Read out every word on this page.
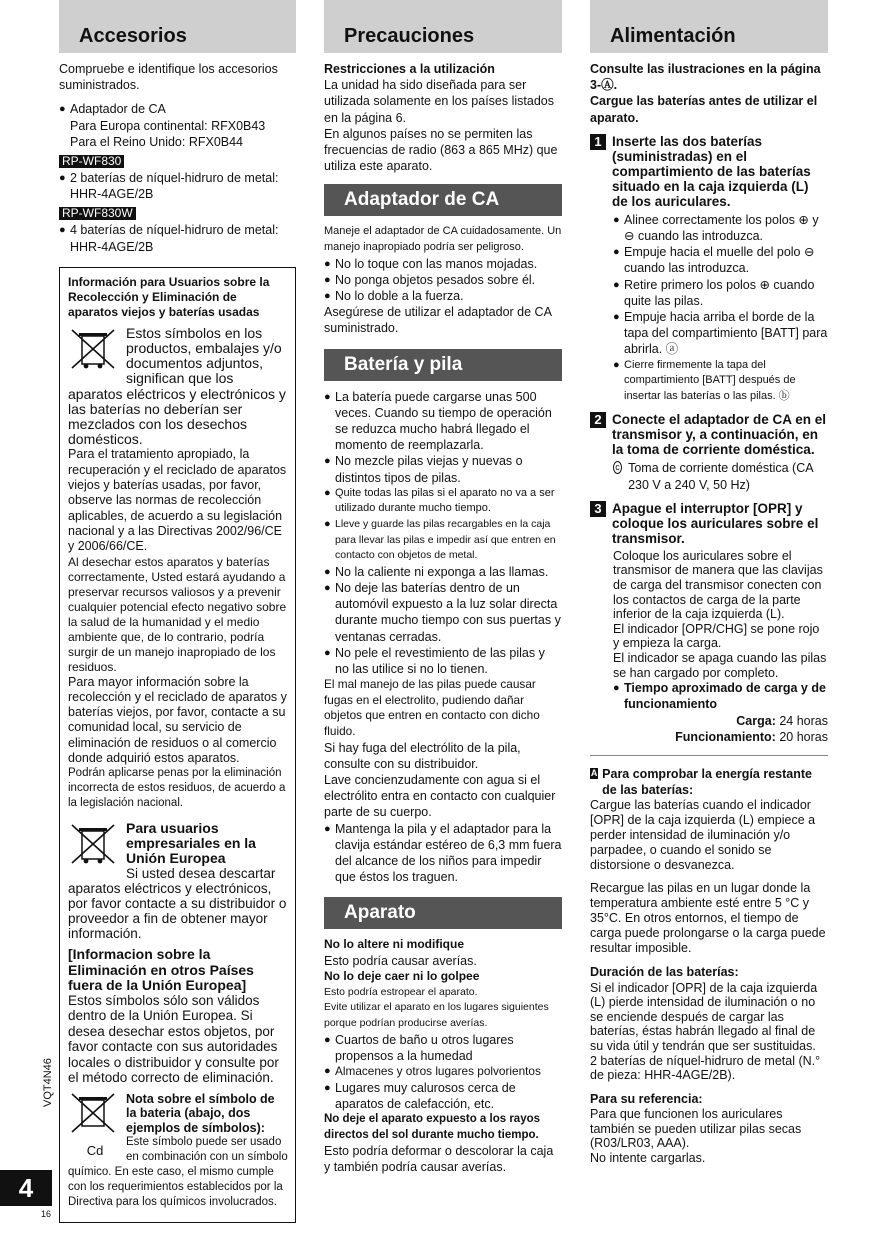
Accesorios
Compruebe e identifique los accesorios suministrados.
● Adaptador de CA
Para Europa continental: RFX0B43
Para el Reino Unido: RFX0B44
RP-WF830
● 2 baterías de níquel-hidruro de metal: HHR-4AGE/2B
RP-WF830W
● 4 baterías de níquel-hidruro de metal: HHR-4AGE/2B
Información para Usuarios sobre la Recolección y Eliminación de aparatos viejos y baterías usadas
Estos símbolos en los productos, embalajes y/o documentos adjuntos, significan que los aparatos eléctricos y electrónicos y las baterías no deberían ser mezclados con los desechos domésticos.
Para el tratamiento apropiado, la recuperación y el reciclado de aparatos viejos y baterías usadas, por favor, observe las normas de recolección aplicables, de acuerdo a su legislación nacional y a las Directivas 2002/96/CE y 2006/66/CE.
Al desechar estos aparatos y baterías correctamente, Usted estará ayudando a preservar recursos valiosos y a prevenir cualquier potencial efecto negativo sobre la salud de la humanidad y el medio ambiente que, de lo contrario, podría surgir de un manejo inapropiado de los residuos.
Para mayor información sobre la recolección y el reciclado de aparatos y baterías viejos, por favor, contacte a su comunidad local, su servicio de eliminación de residuos o al comercio donde adquirió estos aparatos.
Podrán aplicarse penas por la eliminación incorrecta de estos residuos, de acuerdo a la legislación nacional.
Para usuarios empresariales en la Unión Europea
Si usted desea descartar aparatos eléctricos y electrónicos, por favor contacte a su distribuidor o proveedor a fin de obtener mayor información.
[Informacion sobre la Eliminación en otros Países fuera de la Unión Europea]
Estos símbolos sólo son válidos dentro de la Unión Europea. Si desea desechar estos objetos, por favor contacte con sus autoridades locales o distribuidor y consulte por el método correcto de eliminación.
Cd
Nota sobre el símbolo de la bateria (abajo, dos ejemplos de símbolos):
Este símbolo puede ser usado en combinación con un símbolo químico. En este caso, el mismo cumple con los requerimientos establecidos por la Directiva para los químicos involucrados.
Precauciones
Restricciones a la utilización
La unidad ha sido diseñada para ser utilizada solamente en los países listados en la página 6.
En algunos países no se permiten las frecuencias de radio (863 a 865 MHz) que utiliza este aparato.
Adaptador de CA
Maneje el adaptador de CA cuidadosamente. Un manejo inapropiado podría ser peligroso.
● No lo toque con las manos mojadas.
● No ponga objetos pesados sobre él.
● No lo doble a la fuerza.
Asegúrese de utilizar el adaptador de CA suministrado.
Batería y pila
● La batería puede cargarse unas 500 veces. Cuando su tiempo de operación se reduzca mucho habrá llegado el momento de reemplazarla.
● No mezcle pilas viejas y nuevas o distintos tipos de pilas.
● Quite todas las pilas si el aparato no va a ser utilizado durante mucho tiempo.
● Lleve y guarde las pilas recargables en la caja para llevar las pilas e impedir así que entren en contacto con objetos de metal.
● No la caliente ni exponga a las llamas.
● No deje las baterías dentro de un automóvil expuesto a la luz solar directa durante mucho tiempo con sus puertas y ventanas cerradas.
● No pele el revestimiento de las pilas y no las utilice si no lo tienen.
El mal manejo de las pilas puede causar fugas en el electrolito, pudiendo dañar objetos que entren en contacto con dicho fluido.
Si hay fuga del electrólito de la pila, consulte con su distribuidor.
Lave concienzudamente con agua si el electrólito entra en contacto con cualquier parte de su cuerpo.
● Mantenga la pila y el adaptador para la clavija estándar estéreo de 6,3 mm fuera del alcance de los niños para impedir que éstos los traguen.
Aparato
No lo altere ni modifique
Esto podría causar averías.
No lo deje caer ni lo golpee
Esto podría estropear el aparato.
Evite utilizar el aparato en los lugares siguientes porque podrían producirse averías.
● Cuartos de baño u otros lugares propensos a la humedad
● Almacenes y otros lugares polvorientos
● Lugares muy calurosos cerca de aparatos de calefacción, etc.
No deje el aparato expuesto a los rayos directos del sol durante mucho tiempo.
Esto podría deformar o descolorar la caja y también podría causar averías.
Alimentación
Consulte las ilustraciones en la página 3-Ⓐ.
Cargue las baterías antes de utilizar el aparato.
1 Inserte las dos baterías (suministradas) en el compartimiento de las baterías situado en la caja izquierda (L) de los auriculares.
● Alinee correctamente los polos ⊕ y ⊖ cuando las introduzca.
● Empuje hacia el muelle del polo ⊖ cuando las introduzca.
● Retire primero los polos ⊕ cuando quite las pilas.
● Empuje hacia arriba el borde de la tapa del compartimiento [BATT] para abrirla. ⓐ
● Cierre firmemente la tapa del compartimiento [BATT] después de insertar las baterías o las pilas. ⓑ
2 Conecte el adaptador de CA en el transmisor y, a continuación, en la toma de corriente doméstica.
c Toma de corriente doméstica (CA 230 V a 240 V, 50 Hz)
3 Apague el interruptor [OPR] y coloque los auriculares sobre el transmisor.
Coloque los auriculares sobre el transmisor de manera que las clavijas de carga del transmisor conecten con los contactos de carga de la parte inferior de la caja izquierda (L).
El indicador [OPR/CHG] se pone rojo y empieza la carga.
El indicador se apaga cuando las pilas se han cargado por completo.
● Tiempo aproximado de carga y de funcionamiento
Carga: 24 horas
Funcionamiento: 20 horas
A Para comprobar la energía restante de las baterías:
Cargue las baterías cuando el indicador [OPR] de la caja izquierda (L) empiece a perder intensidad de iluminación y/o parpadee, o cuando el sonido se distorsione o desvanezca.
Recargue las pilas en un lugar donde la temperatura ambiente esté entre 5 °C y 35°C. En otros entornos, el tiempo de carga puede prolongarse o la carga puede resultar imposible.
Duración de las baterías:
Si el indicador [OPR] de la caja izquierda (L) pierde intensidad de iluminación o no se enciende después de cargar las baterías, éstas habrán llegado al final de su vida útil y tendrán que ser sustituidas.
2 baterías de níquel-hidruro de metal (N.° de pieza: HHR-4AGE/2B).
Para su referencia:
Para que funcionen los auriculares también se pueden utilizar pilas secas (R03/LR03, AAA).
No intente cargarlas.
VQT4N46
4
16
